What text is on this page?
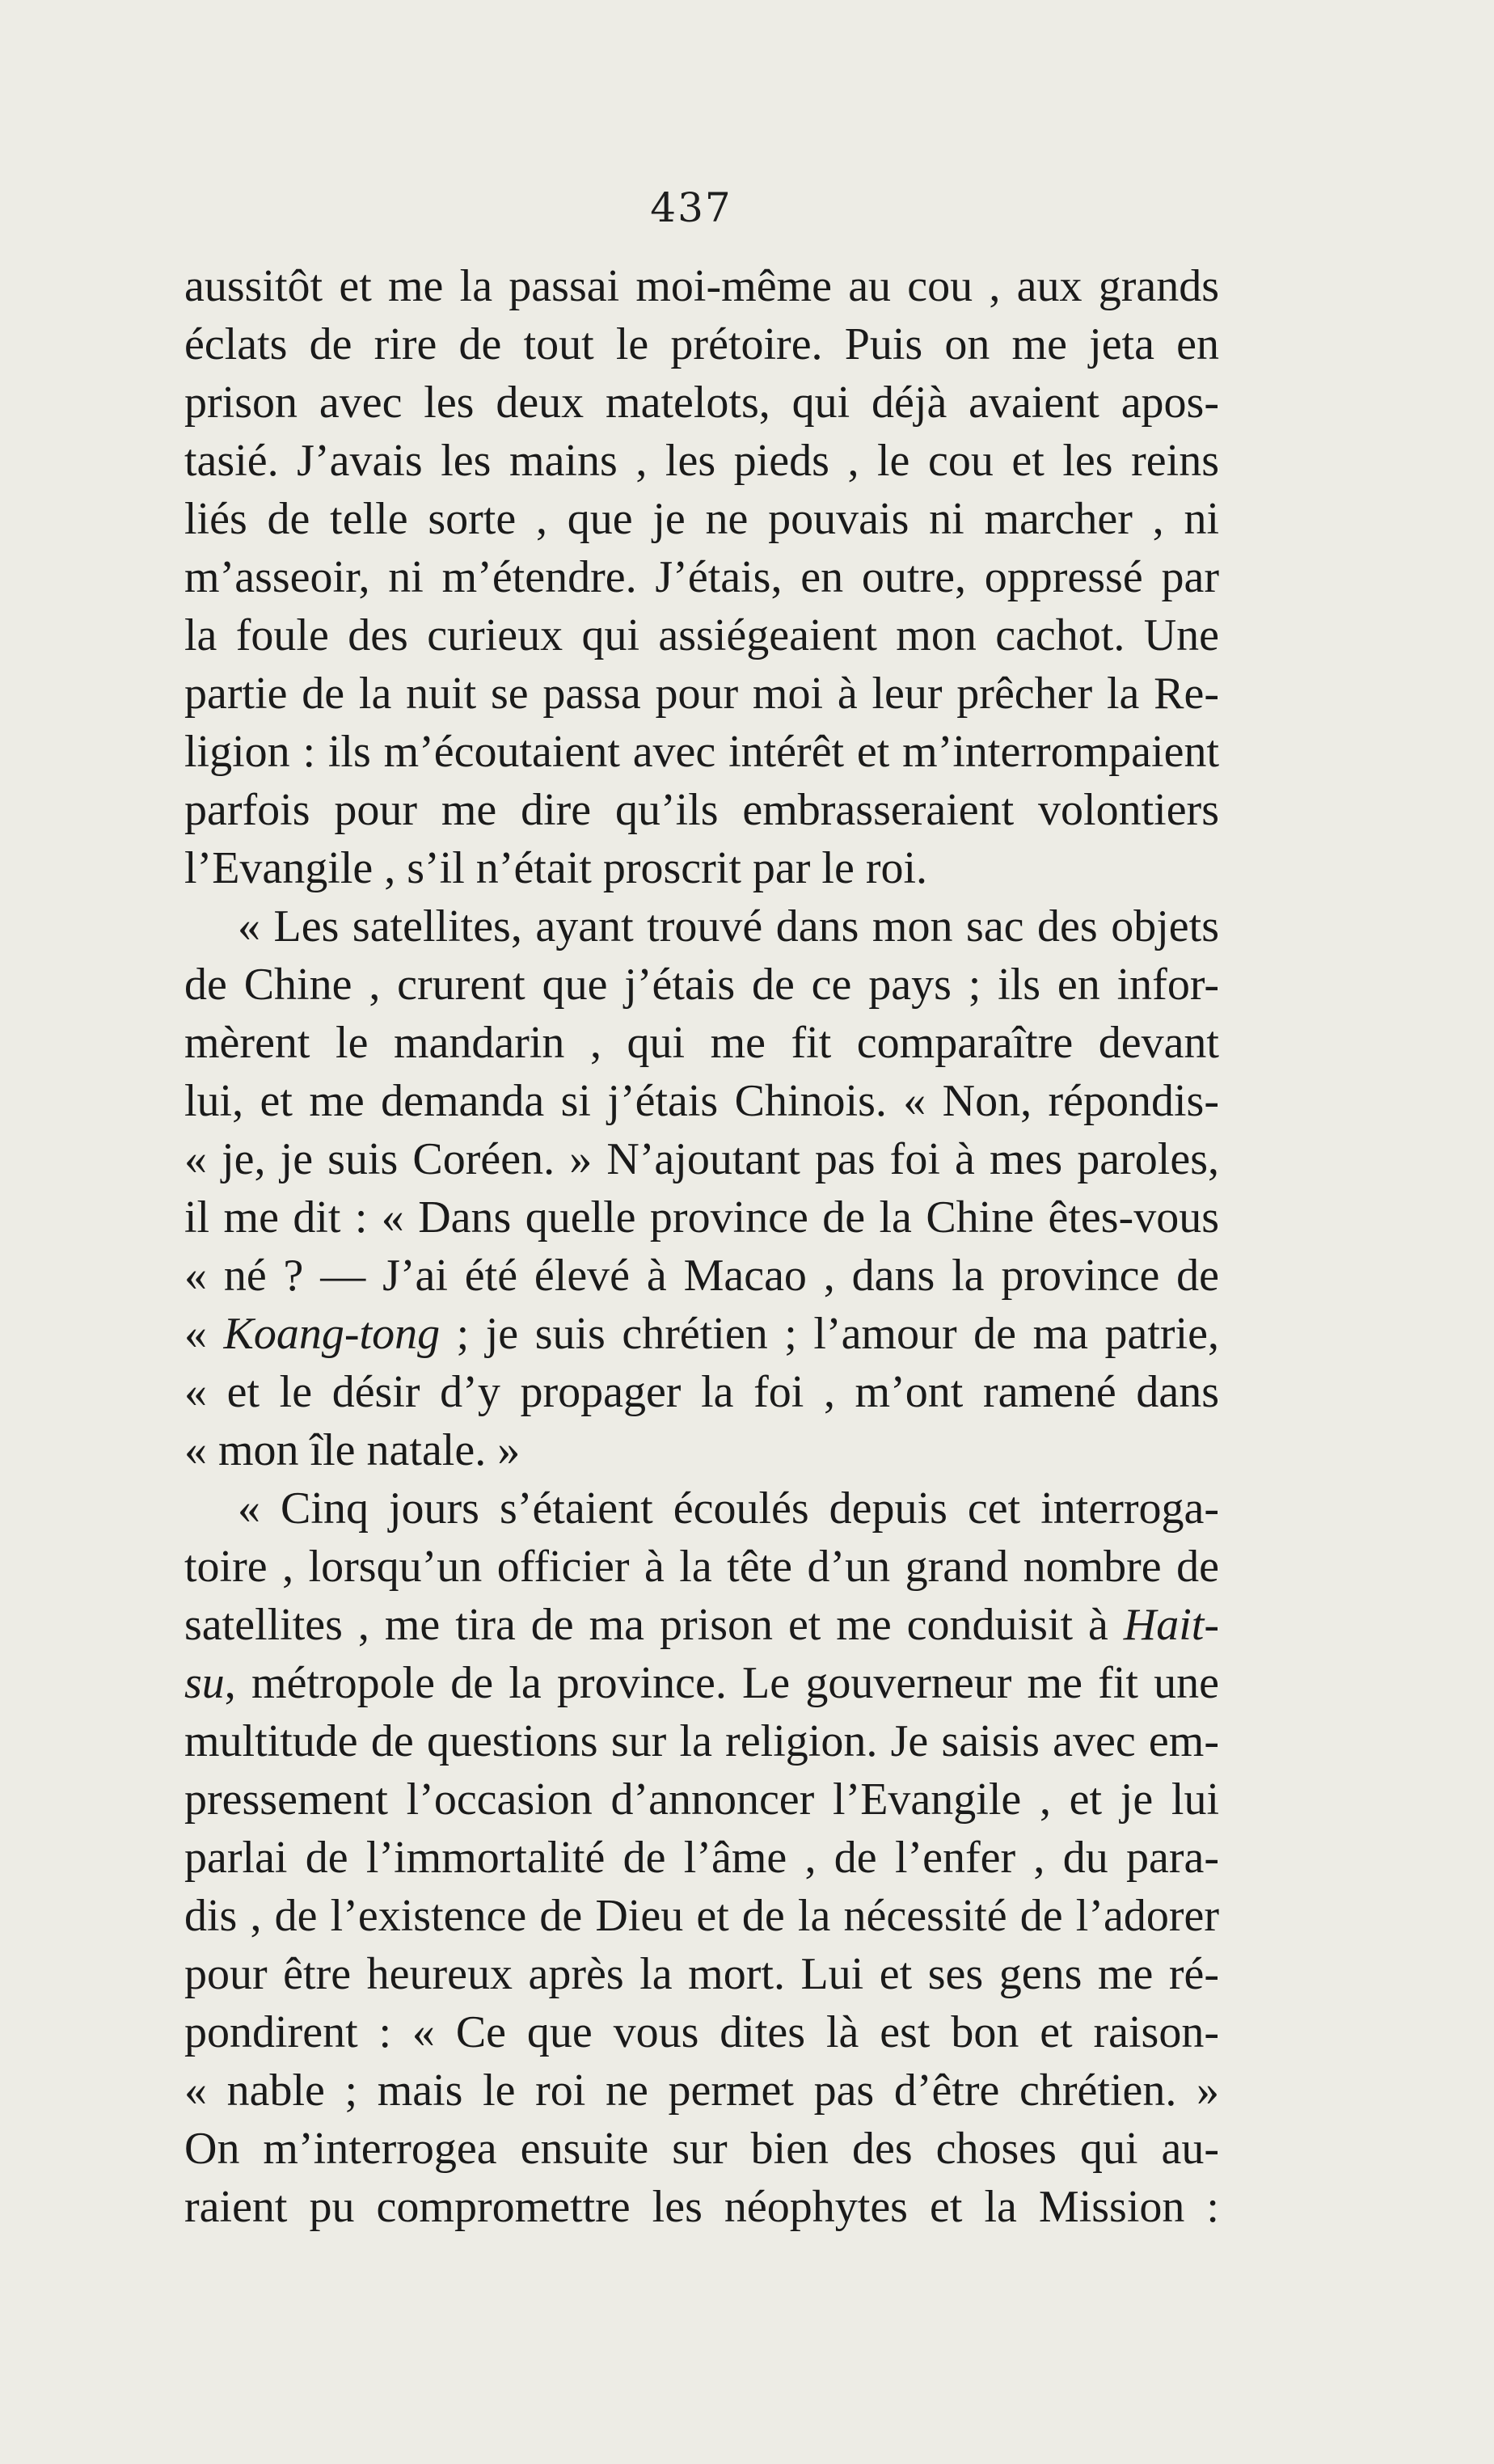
437
aussitôt et me la passai moi-même au cou , aux grands
éclats de rire de tout le prétoire. Puis on me jeta en
prison avec les deux matelots, qui déjà avaient apos-
tasié. J’avais les mains , les pieds , le cou et les reins
liés de telle sorte , que je ne pouvais ni marcher , ni
m’asseoir, ni m’étendre. J’étais, en outre, oppressé par
la foule des curieux qui assiégeaient mon cachot. Une
partie de la nuit se passa pour moi à leur prêcher la Re-
ligion : ils m’écoutaient avec intérêt et m’interrompaient
parfois pour me dire qu’ils embrasseraient volontiers
l’Evangile , s’il n’était proscrit par le roi.
« Les satellites, ayant trouvé dans mon sac des objets
de Chine , crurent que j’étais de ce pays ; ils en infor-
mèrent le mandarin , qui me fit comparaître devant
lui, et me demanda si j’étais Chinois. « Non, répondis-
« je, je suis Coréen. » N’ajoutant pas foi à mes paroles,
il me dit : « Dans quelle province de la Chine êtes-vous
« né ? — J’ai été élevé à Macao , dans la province de
« Koang-tong ; je suis chrétien ; l’amour de ma patrie,
« et le désir d’y propager la foi , m’ont ramené dans
« mon île natale. »
« Cinq jours s’étaient écoulés depuis cet interroga-
toire , lorsqu’un officier à la tête d’un grand nombre de
satellites , me tira de ma prison et me conduisit à Hait-
su, métropole de la province. Le gouverneur me fit une
multitude de questions sur la religion. Je saisis avec em-
pressement l’occasion d’annoncer l’Evangile , et je lui
parlai de l’immortalité de l’âme , de l’enfer , du para-
dis , de l’existence de Dieu et de la nécessité de l’adorer
pour être heureux après la mort. Lui et ses gens me ré-
pondirent : « Ce que vous dites là est bon et raison-
« nable ; mais le roi ne permet pas d’être chrétien. »
On m’interrogea ensuite sur bien des choses qui au-
raient pu compromettre les néophytes et la Mission :
